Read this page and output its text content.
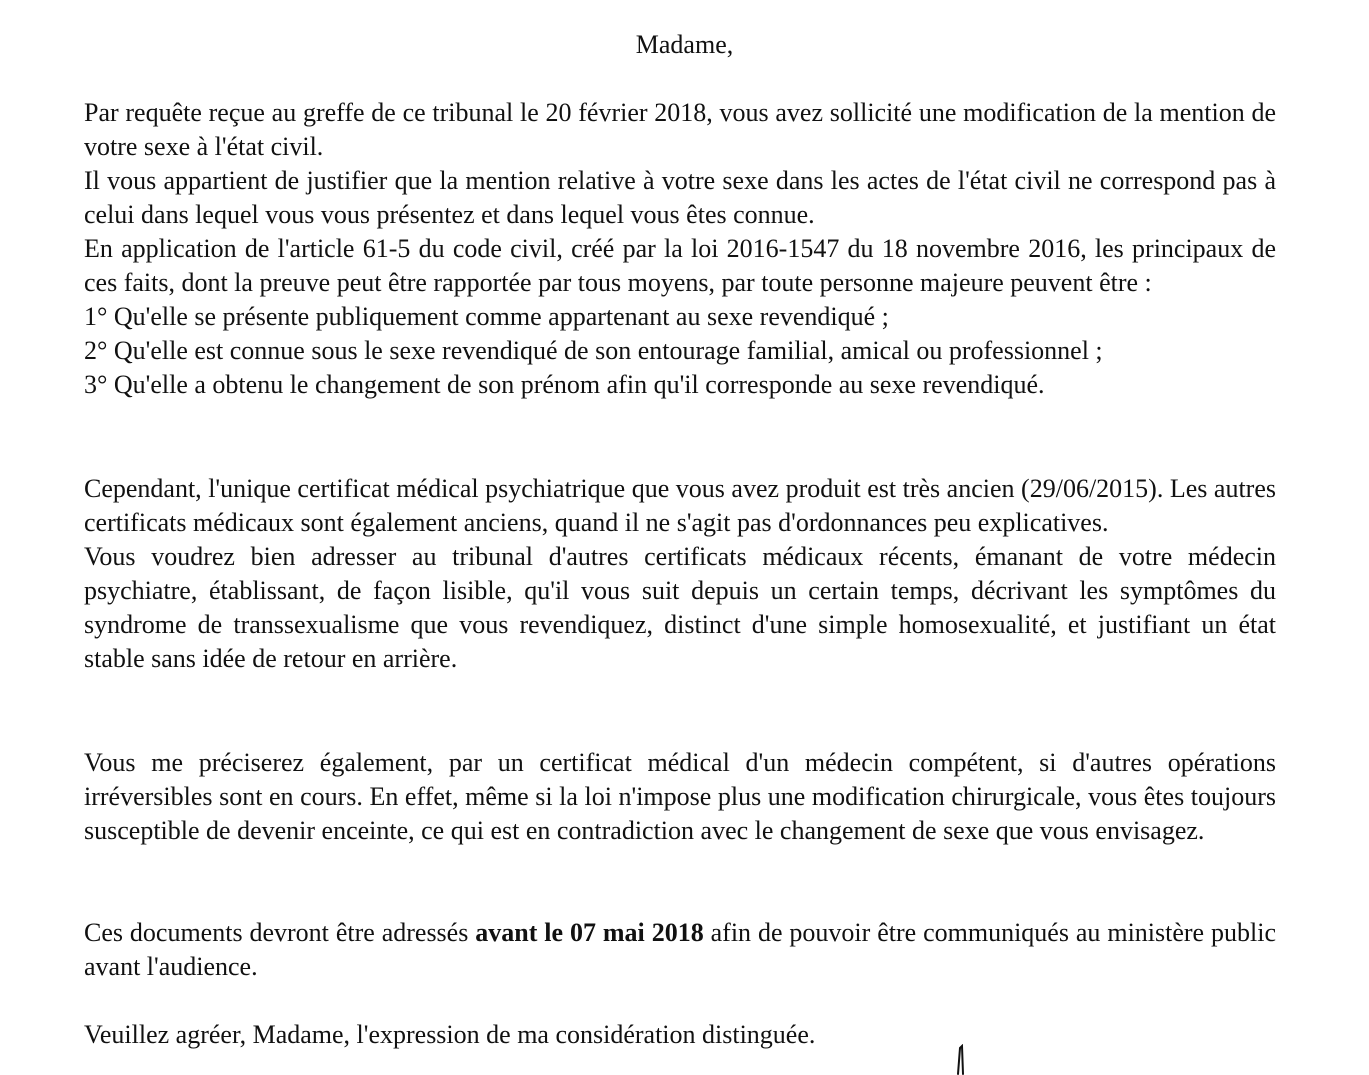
Madame,

Par requête reçue au greffe de ce tribunal le 20 février 2018, vous avez sollicité une modification de la mention de votre sexe à l'état civil.

Il vous appartient de justifier que la mention relative à votre sexe dans les actes de l'état civil ne correspond pas à celui dans lequel vous vous présentez et dans lequel vous êtes connue.

En application de l'article 61-5 du code civil, créé par la loi 2016-1547 du 18 novembre 2016, les principaux de ces faits, dont la preuve peut être rapportée par tous moyens, par toute personne majeure peuvent être :

1° Qu'elle se présente publiquement comme appartenant au sexe revendiqué ;

2° Qu'elle est connue sous le sexe revendiqué de son entourage familial, amical ou professionnel ;

3° Qu'elle a obtenu le changement de son prénom afin qu'il corresponde au sexe revendiqué.

Cependant, l'unique certificat médical psychiatrique que vous avez produit est très ancien (29/06/2015). Les autres certificats médicaux sont également anciens, quand il ne s'agit pas d'ordonnances peu explicatives.

Vous voudrez bien adresser au tribunal d'autres certificats médicaux récents, émanant de votre médecin psychiatre, établissant, de façon lisible, qu'il vous suit depuis un certain temps, décrivant les symptômes du syndrome de transsexualisme que vous revendiquez, distinct d'une simple homosexualité, et justifiant un état stable sans idée de retour en arrière.

Vous me préciserez également, par un certificat médical d'un médecin compétent, si d'autres opérations irréversibles sont en cours. En effet, même si la loi n'impose plus une modification chirurgicale, vous êtes toujours susceptible de devenir enceinte, ce qui est en contradiction avec le changement de sexe que vous envisagez.

Ces documents devront être adressés avant le 07 mai 2018 afin de pouvoir être communiqués au ministère public avant l'audience.

Veuillez agréer, Madame, l'expression de ma considération distinguée.
